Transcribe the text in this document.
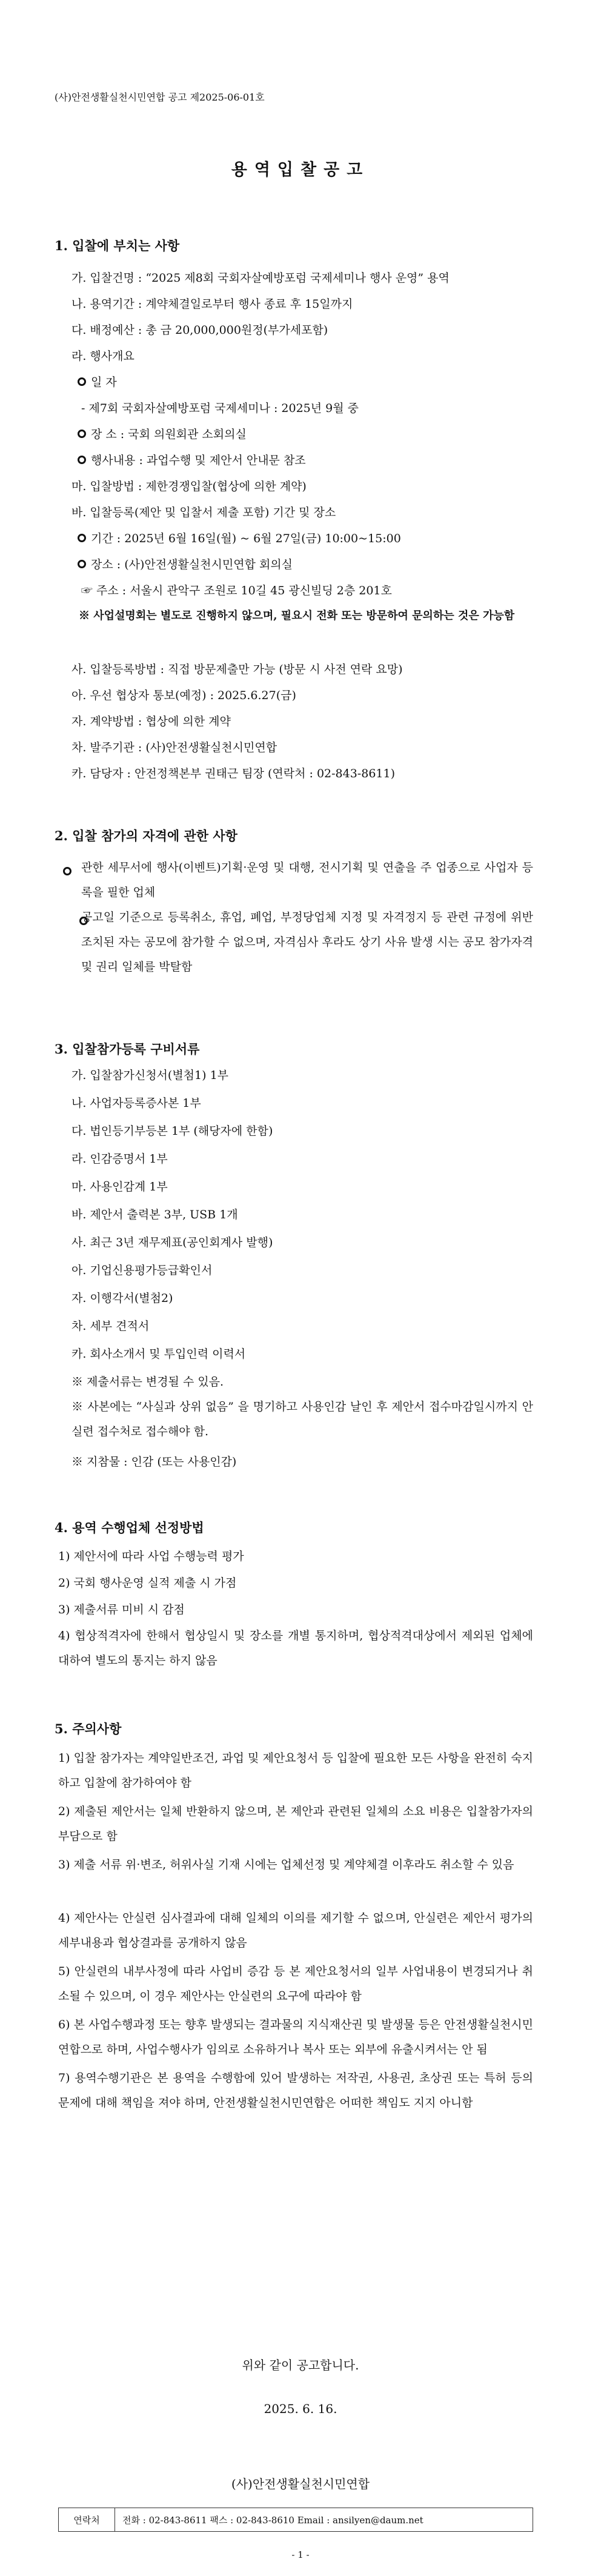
(사)안전생활실천시민연합 공고 제2025-06-01호
용역입찰공고
1. 입찰에 부치는 사항
가. 입찰건명 : “2025 제8회 국회자살예방포럼 국제세미나 행사 운영” 용역
나. 용역기간 : 계약체결일로부터 행사 종료 후 15일까지
다. 배정예산 : 총 금 20,000,000원정(부가세포함)
라. 행사개요
일 자
- 제7회 국회자살예방포럼 국제세미나 : 2025년 9월 중
장 소 : 국회 의원회관 소회의실
행사내용 : 과업수행 및 제안서 안내문 참조
마. 입찰방법 : 제한경쟁입찰(협상에 의한 계약)
바. 입찰등록(제안 및 입찰서 제출 포함) 기간 및 장소
기간 : 2025년 6월 16일(월) ~ 6월 27일(금) 10:00~15:00
장소 : (사)안전생활실천시민연합 회의실
☞ 주소 : 서울시 관악구 조원로 10길 45 광신빌딩 2층 201호
※ 사업설명회는 별도로 진행하지 않으며, 필요시 전화 또는 방문하여 문의하는 것은 가능함
사. 입찰등록방법 : 직접 방문제출만 가능 (방문 시 사전 연락 요망)
아. 우선 협상자 통보(예정) : 2025.6.27(금)
자. 계약방법 : 협상에 의한 계약
차. 발주기관 : (사)안전생활실천시민연합
카. 담당자 : 안전정책본부 권태근 팀장 (연락처 : 02-843-8611)
2. 입찰 참가의 자격에 관한 사항

관한 세무서에 행사(이벤트)기획·운영 및 대행, 전시기획 및 연출을 주 업종으로 사업자 등록을 필한 업체
공고일 기준으로 등록취소, 휴업, 폐업, 부정당업체 지정 및 자격정지 등 관련 규정에 위반 조치된 자는 공모에 참가할 수 없으며, 자격심사 후라도 상기 사유 발생 시는 공모 참가자격 및 권리 일체를 박탈함
3. 입찰참가등록 구비서류
가. 입찰참가신청서(별첨1) 1부
나. 사업자등록증사본 1부
다. 법인등기부등본 1부 (해당자에 한함)
라. 인감증명서 1부
마. 사용인감계 1부
바. 제안서 출력본 3부, USB 1개
사. 최근 3년 재무제표(공인회계사 발행)
아. 기업신용평가등급확인서
자. 이행각서(별첨2)
차. 세부 견적서
카. 회사소개서 및 투입인력 이력서
※ 제출서류는 변경될 수 있음.
※ 사본에는 “사실과 상위 없음” 을 명기하고 사용인감 날인 후 제안서 접수마감일시까지 안실련 접수처로 접수해야 함.
※ 지참물 : 인감 (또는 사용인감)
4. 용역 수행업체 선정방법
1) 제안서에 따라 사업 수행능력 평가
2) 국회 행사운영 실적 제출 시 가점
3) 제출서류 미비 시 감점
4) 협상적격자에 한해서 협상일시 및 장소를 개별 통지하며, 협상적격대상에서 제외된 업체에 대하여 별도의 통지는 하지 않음
5. 주의사항
1) 입찰 참가자는 계약일반조건, 과업 및 제안요청서 등 입찰에 필요한 모든 사항을 완전히 숙지하고 입찰에 참가하여야 함
2) 제출된 제안서는 일체 반환하지 않으며, 본 제안과 관련된 일체의 소요 비용은 입찰참가자의 부담으로 함
3) 제출 서류 위·변조, 허위사실 기재 시에는 업체선정 및 계약체결 이후라도 취소할 수 있음
4) 제안사는 안실련 심사결과에 대해 일체의 이의를 제기할 수 없으며, 안실련은 제안서 평가의 세부내용과 협상결과를 공개하지 않음
5) 안실련의 내부사정에 따라 사업비 증감 등 본 제안요청서의 일부 사업내용이 변경되거나 취소될 수 있으며, 이 경우 제안사는 안실련의 요구에 따라야 함
6) 본 사업수행과정 또는 향후 발생되는 결과물의 지식재산권 및 발생물 등은 안전생활실천시민연합으로 하며, 사업수행사가 임의로 소유하거나 복사 또는 외부에 유출시켜서는 안 됨
7) 용역수행기관은 본 용역을 수행함에 있어 발생하는 저작권, 사용권, 초상권 또는 특허 등의 문제에 대해 책임을 져야 하며, 안전생활실천시민연합은 어떠한 책임도 지지 아니함
연락처	전화 : 02-843-8611 팩스 : 02-843-8610 Email : ansilyen@daum.net
위와 같이 공고합니다.
2025. 6. 16.
(사)안전생활실천시민연합
- 1 -
